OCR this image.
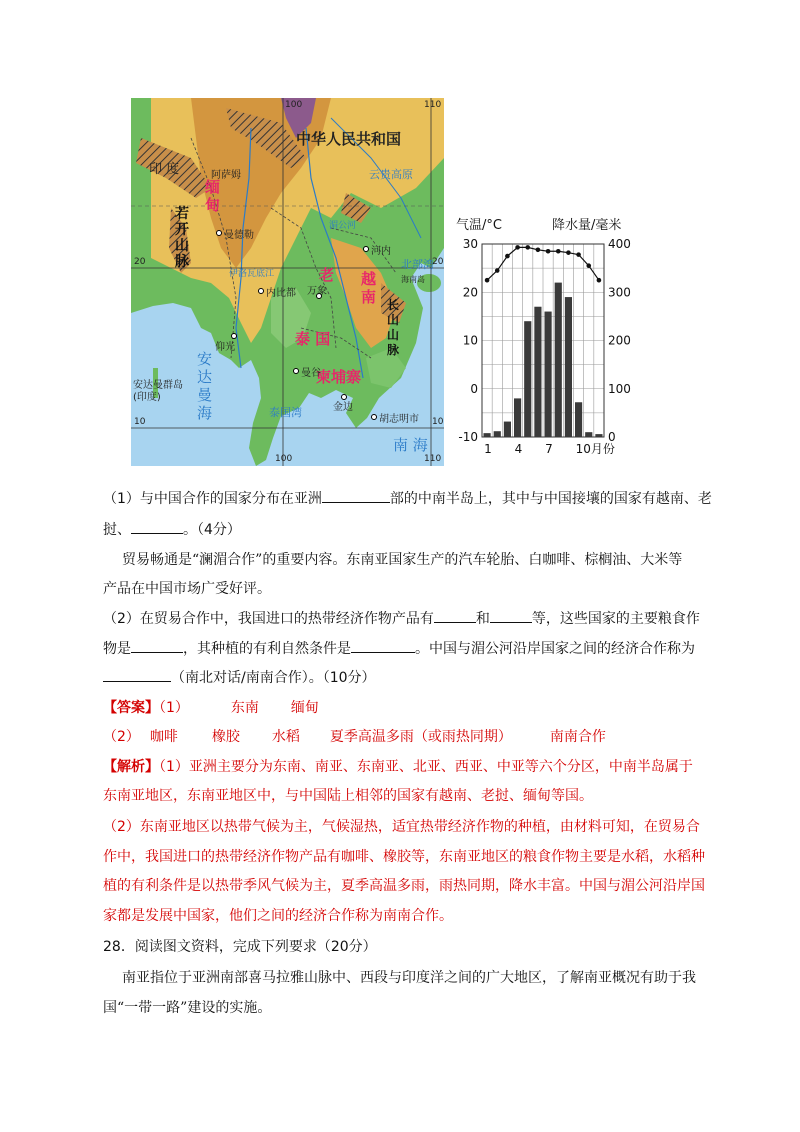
100	110
100	110
20	20
10	10
中华人民共和国
印 度	阿萨姆
缅
甸
若
开
山
脉
曼德勒
老
泰 国
柬埔寨
越
南 长
山
山
脉
河内
万象
仰光
曼谷
金边
胡志明市
内比都
安
达
曼
海
安达曼群岛
(印度)
泰国湾
南 海
北部湾
海南岛
云贵高原
伊洛瓦底江
湄公河	气温/°C	降水量/毫米
30
20
10
0
-10
400
300
200
100
0
1 4 7 10月份
（1）与中国合作的国家分布在亚洲	部的中南半岛上，其中与中国接壤的国家有越南、老
挝、	。（4分）
贸易畅通是“澜湄合作”的重要内容。东南亚国家生产的汽车轮胎、白咖啡、棕榈油、大米等
产品在中国市场广受好评。
（2）在贸易合作中，我国进口的热带经济作物产品有	和	等，这些国家的主要粮食作
物是	，其种植的有利自然条件是	。中国与湄公河沿岸国家之间的经济合作称为
（南北对话/南南合作）。（10分）
【答案】（1）	东南 缅甸
（2） 咖啡 橡胶 水稻 夏季高温多雨（或雨热同期）	南南合作
【解析】（1）亚洲主要分为东南、南亚、东南亚、北亚、西亚、中亚等六个分区，中南半岛属于
东南亚地区，东南亚地区中，与中国陆上相邻的国家有越南、老挝、缅甸等国。
（2）东南亚地区以热带气候为主，气候湿热，适宜热带经济作物的种植，由材料可知，在贸易合
作中，我国进口的热带经济作物产品有咖啡、橡胶等，东南亚地区的粮食作物主要是水稻，水稻种
植的有利条件是以热带季风气候为主，夏季高温多雨，雨热同期，降水丰富。中国与湄公河沿岸国
家都是发展中国家，他们之间的经济合作称为南南合作。
28．阅读图文资料，完成下列要求（20分）
南亚指位于亚洲南部喜马拉雅山脉中、西段与印度洋之间的广大地区，了解南亚概况有助于我
国“一带一路”建设的实施。
